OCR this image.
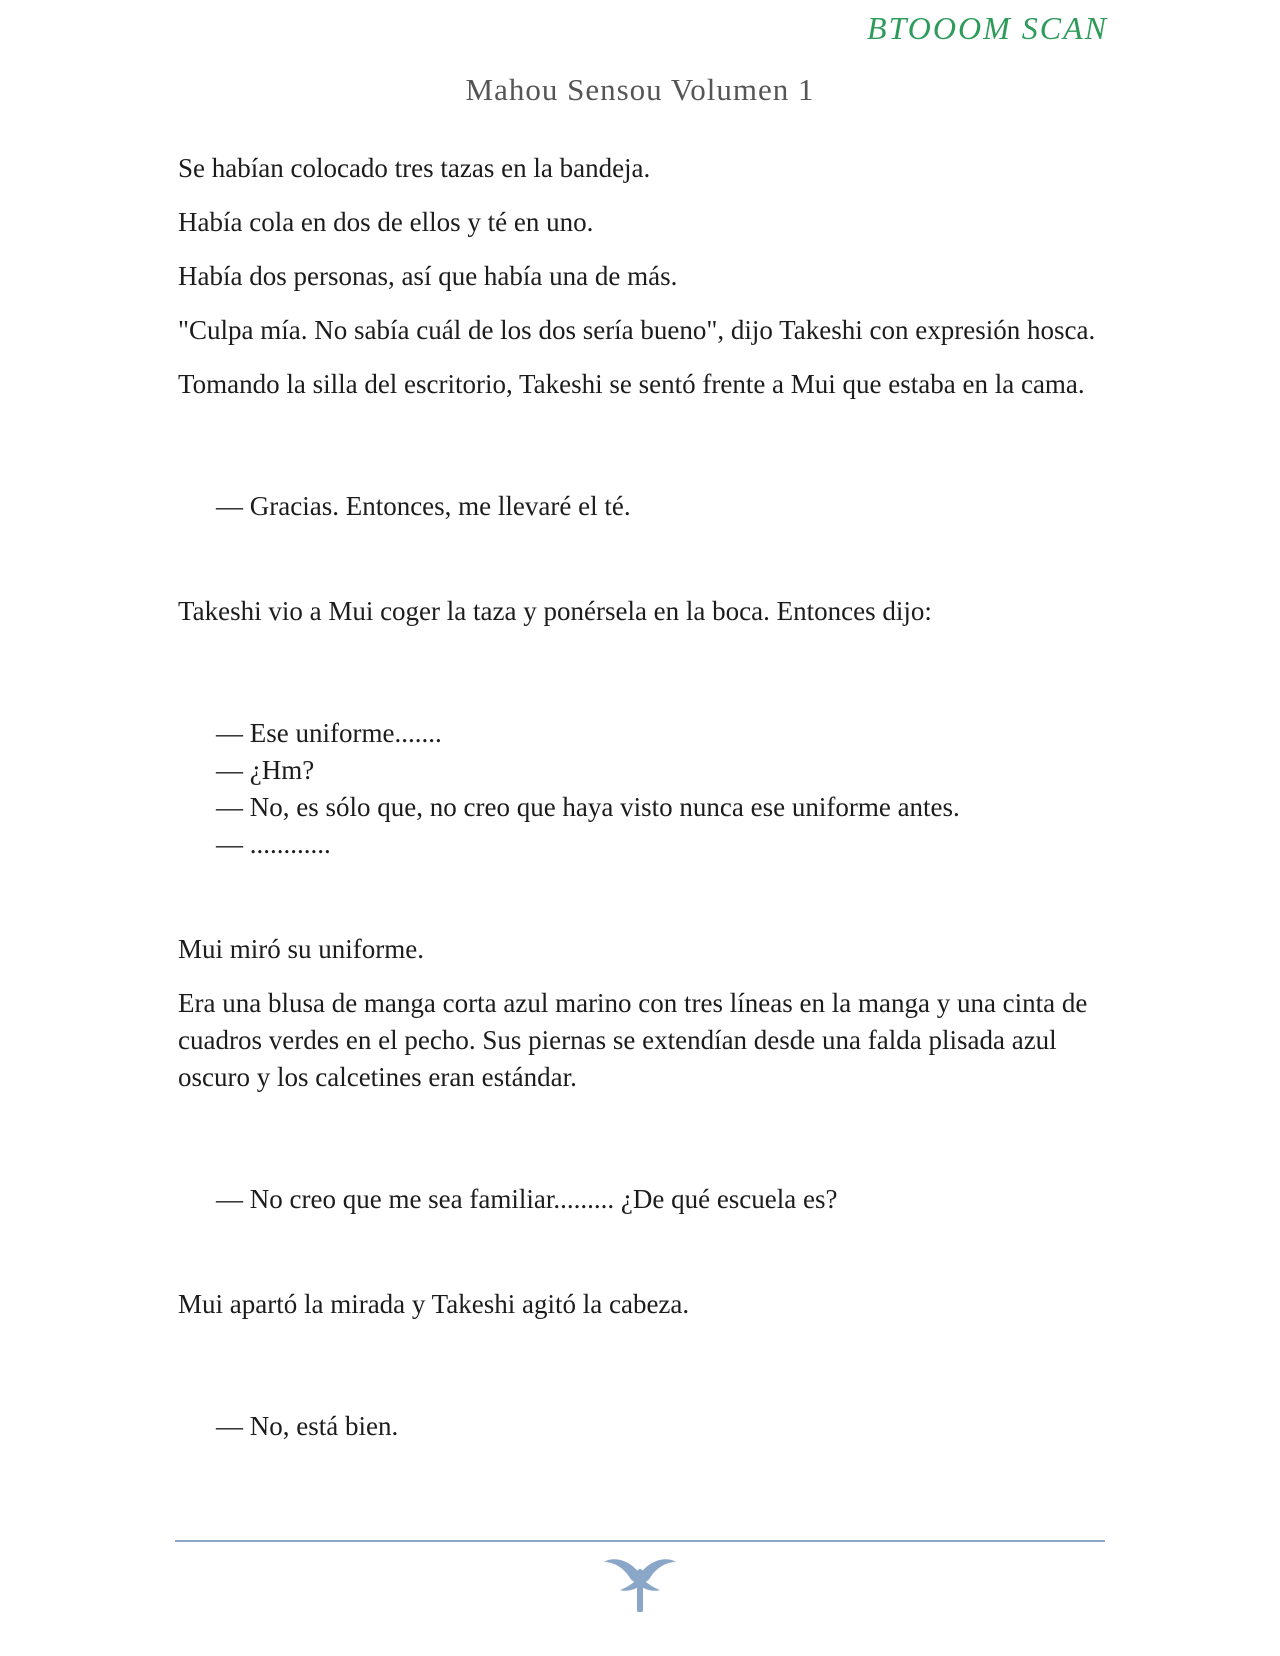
BTOOOM SCAN
Mahou Sensou Volumen 1

Se habían colocado tres tazas en la bandeja.

Había cola en dos de ellos y té en uno.

Había dos personas, así que había una de más.

"Culpa mía. No sabía cuál de los dos sería bueno", dijo Takeshi con expresión hosca.

Tomando la silla del escritorio, Takeshi se sentó frente a Mui que estaba en la cama.

— Gracias. Entonces, me llevaré el té.

Takeshi vio a Mui coger la taza y ponérsela en la boca. Entonces dijo:

— Ese uniforme.......

— ¿Hm?

— No, es sólo que, no creo que haya visto nunca ese uniforme antes.

— ............

Mui miró su uniforme.

Era una blusa de manga corta azul marino con tres líneas en la manga y una cinta de cuadros verdes en el pecho. Sus piernas se extendían desde una falda plisada azul oscuro y los calcetines eran estándar.

— No creo que me sea familiar......... ¿De qué escuela es?

Mui apartó la mirada y Takeshi agitó la cabeza.

— No, está bien.
